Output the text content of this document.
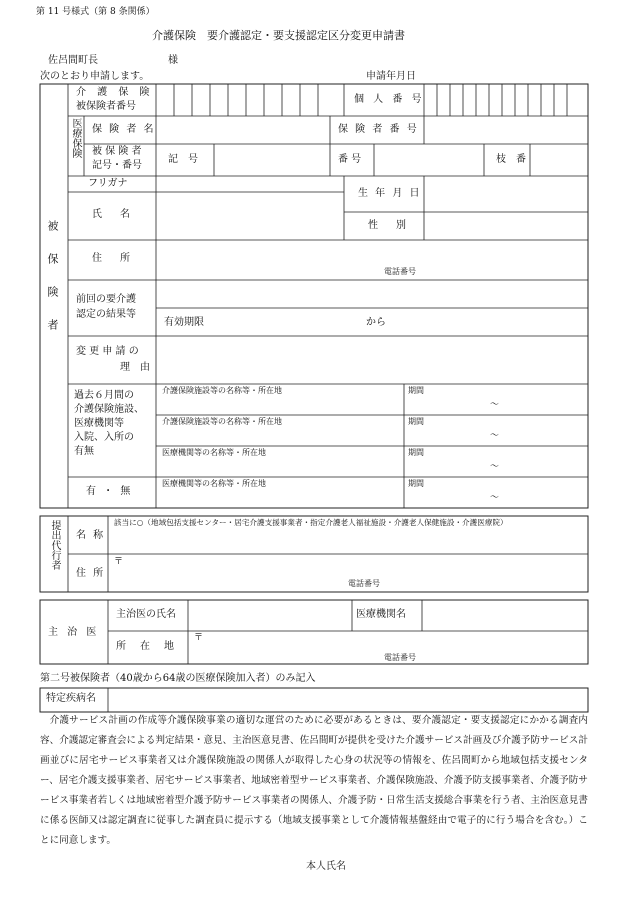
第 11 号様式（第 8 条関係）
介護保険　要介護認定・要支援認定区分変更申請書
佐呂間町長	様
次のとおり申請します。	申請年月日
被保険者
介 護 保 険
被保険者番号
個 人 番 号
医療保険 保 険 者 名	保 険 者 番 号
被 保 険 者
記号・番号
記　号	番 号	枝　番
フリガナ
氏　名
生 年 月 日
性　別
住　所
電話番号
前回の要介護
認定の結果等
有効期限	から
変 更 申 請 の
理　由
過去６月間の
介護保険施設、
医療機関等
入院、入所の
有無
有 ・ 無
介護保険施設等の名称等・所在地	期間
～
介護保険施設等の名称等・所在地	期間
～
医療機関等の名称等・所在地	期間
～
医療機関等の名称等・所在地	期間
～
提出代行者 名 称
該当に○（地域包括支援センター・居宅介護支援事業者・指定介護老人福祉施設・介護老人保健施設・介護医療院）
住 所
〒
電話番号
主 治 医
主治医の氏名	医療機関名
所　在　地
〒
電話番号
第二号被保険者（40歳から64歳の医療保険加入者）のみ記入
特定疾病名
介護サービス計画の作成等介護保険事業の適切な運営のために必要があるときは、要介護認定・要支援認定にかかる調査内容、介護認定審査会による判定結果・意見、主治医意見書、佐呂間町が提供を受けた介護サービス計画及び介護予防サービス計画並びに居宅サービス事業者又は介護保険施設の関係人が取得した心身の状況等の情報を、佐呂間町から地域包括支援センター、居宅介護支援事業者、居宅サービス事業者、地域密着型サービス事業者、介護保険施設、介護予防支援事業者、介護予防サービス事業者若しくは地域密着型介護予防サービス事業者の関係人、介護予防・日常生活支援総合事業を行う者、主治医意見書に係る医師又は認定調査に従事した調査員に提示する（地域支援事業として介護情報基盤経由で電子的に行う場合を含む。）ことに同意します。
本人氏名
